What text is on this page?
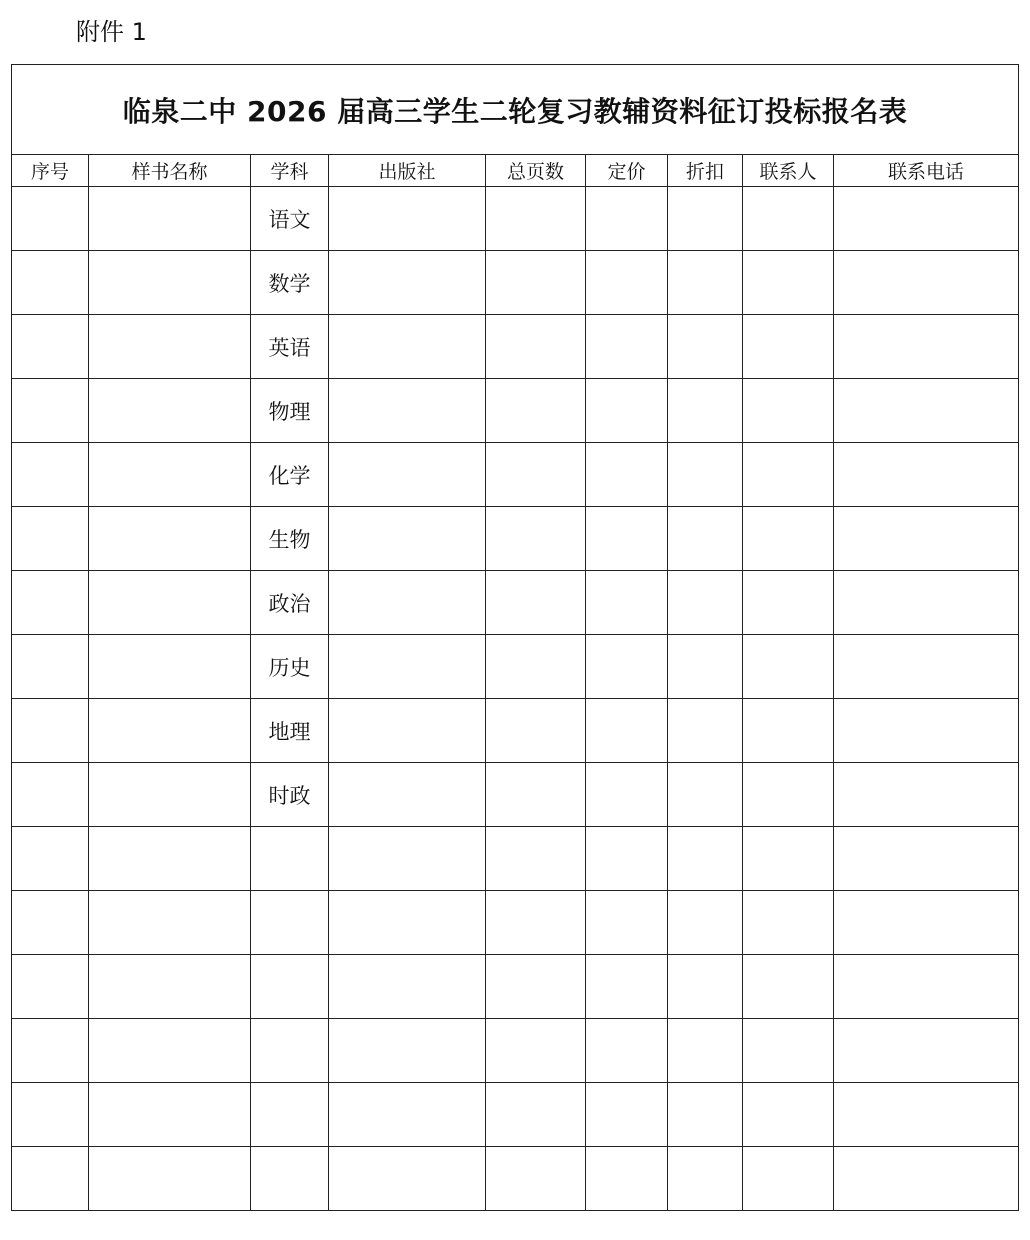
附件 1
临泉二中 2026 届高三学生二轮复习教辅资料征订投标报名表								
序号	样书名称	学科	出版社	总页数	定价	折扣	联系人	联系电话

		语文						

		数学						

		英语						

		物理						

		化学						

		生物						

		政治						

		历史						

		地理						

		时政						
